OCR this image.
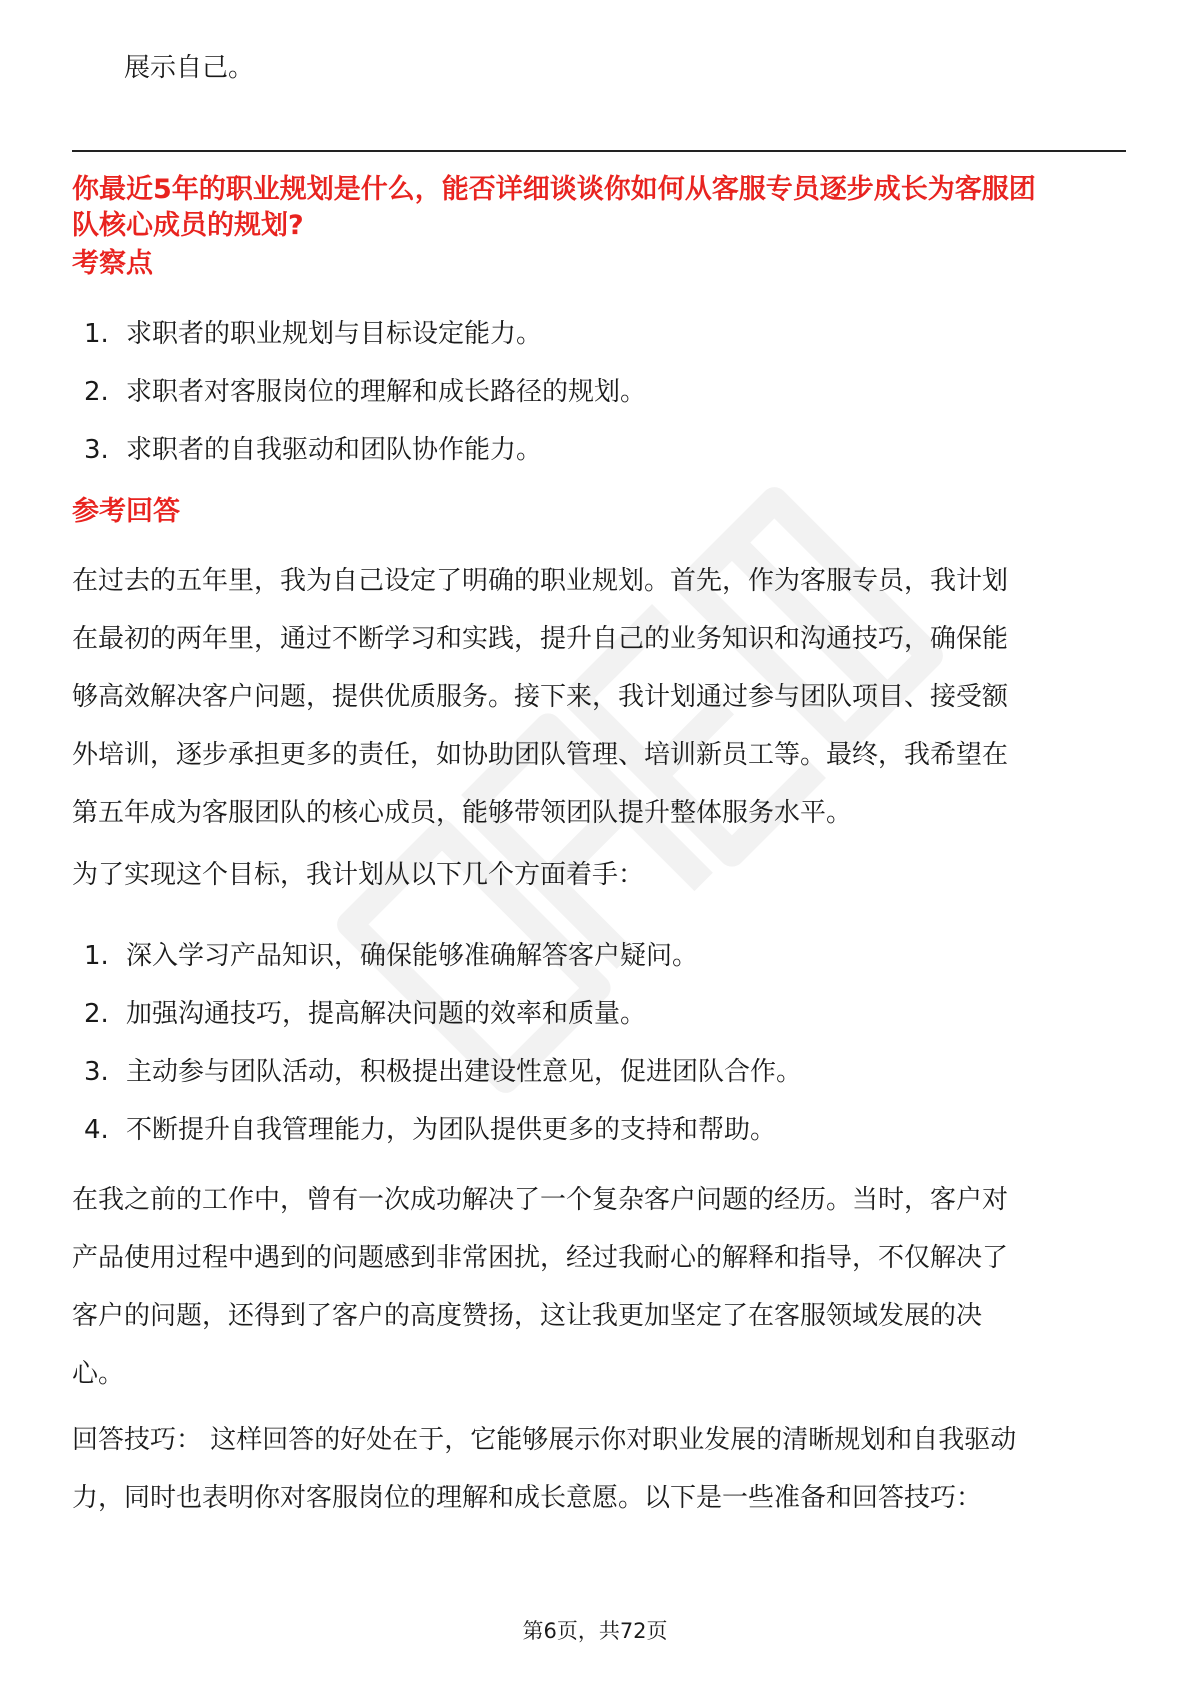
展示自己。
你最近5年的职业规划是什么，能否详细谈谈你如何从客服专员逐步成长为客服团
队核心成员的规划?
考察点
1. 求职者的职业规划与目标设定能力。
2. 求职者对客服岗位的理解和成长路径的规划。
3. 求职者的自我驱动和团队协作能力。
参考回答
在过去的五年里，我为自己设定了明确的职业规划。首先，作为客服专员，我计划
在最初的两年里，通过不断学习和实践，提升自己的业务知识和沟通技巧，确保能
够高效解决客户问题，提供优质服务。接下来，我计划通过参与团队项目、接受额
外培训，逐步承担更多的责任，如协助团队管理、培训新员工等。最终，我希望在
第五年成为客服团队的核心成员，能够带领团队提升整体服务水平。
为了实现这个目标，我计划从以下几个方面着手：
1. 深入学习产品知识，确保能够准确解答客户疑问。
2. 加强沟通技巧，提高解决问题的效率和质量。
3. 主动参与团队活动，积极提出建设性意见，促进团队合作。
4. 不断提升自我管理能力，为团队提供更多的支持和帮助。
在我之前的工作中，曾有一次成功解决了一个复杂客户问题的经历。当时，客户对
产品使用过程中遇到的问题感到非常困扰，经过我耐心的解释和指导，不仅解决了
客户的问题，还得到了客户的高度赞扬，这让我更加坚定了在客服领域发展的决
心。
回答技巧： 这样回答的好处在于，它能够展示你对职业发展的清晰规划和自我驱动
力，同时也表明你对客服岗位的理解和成长意愿。以下是一些准备和回答技巧：
第6页，共72页
